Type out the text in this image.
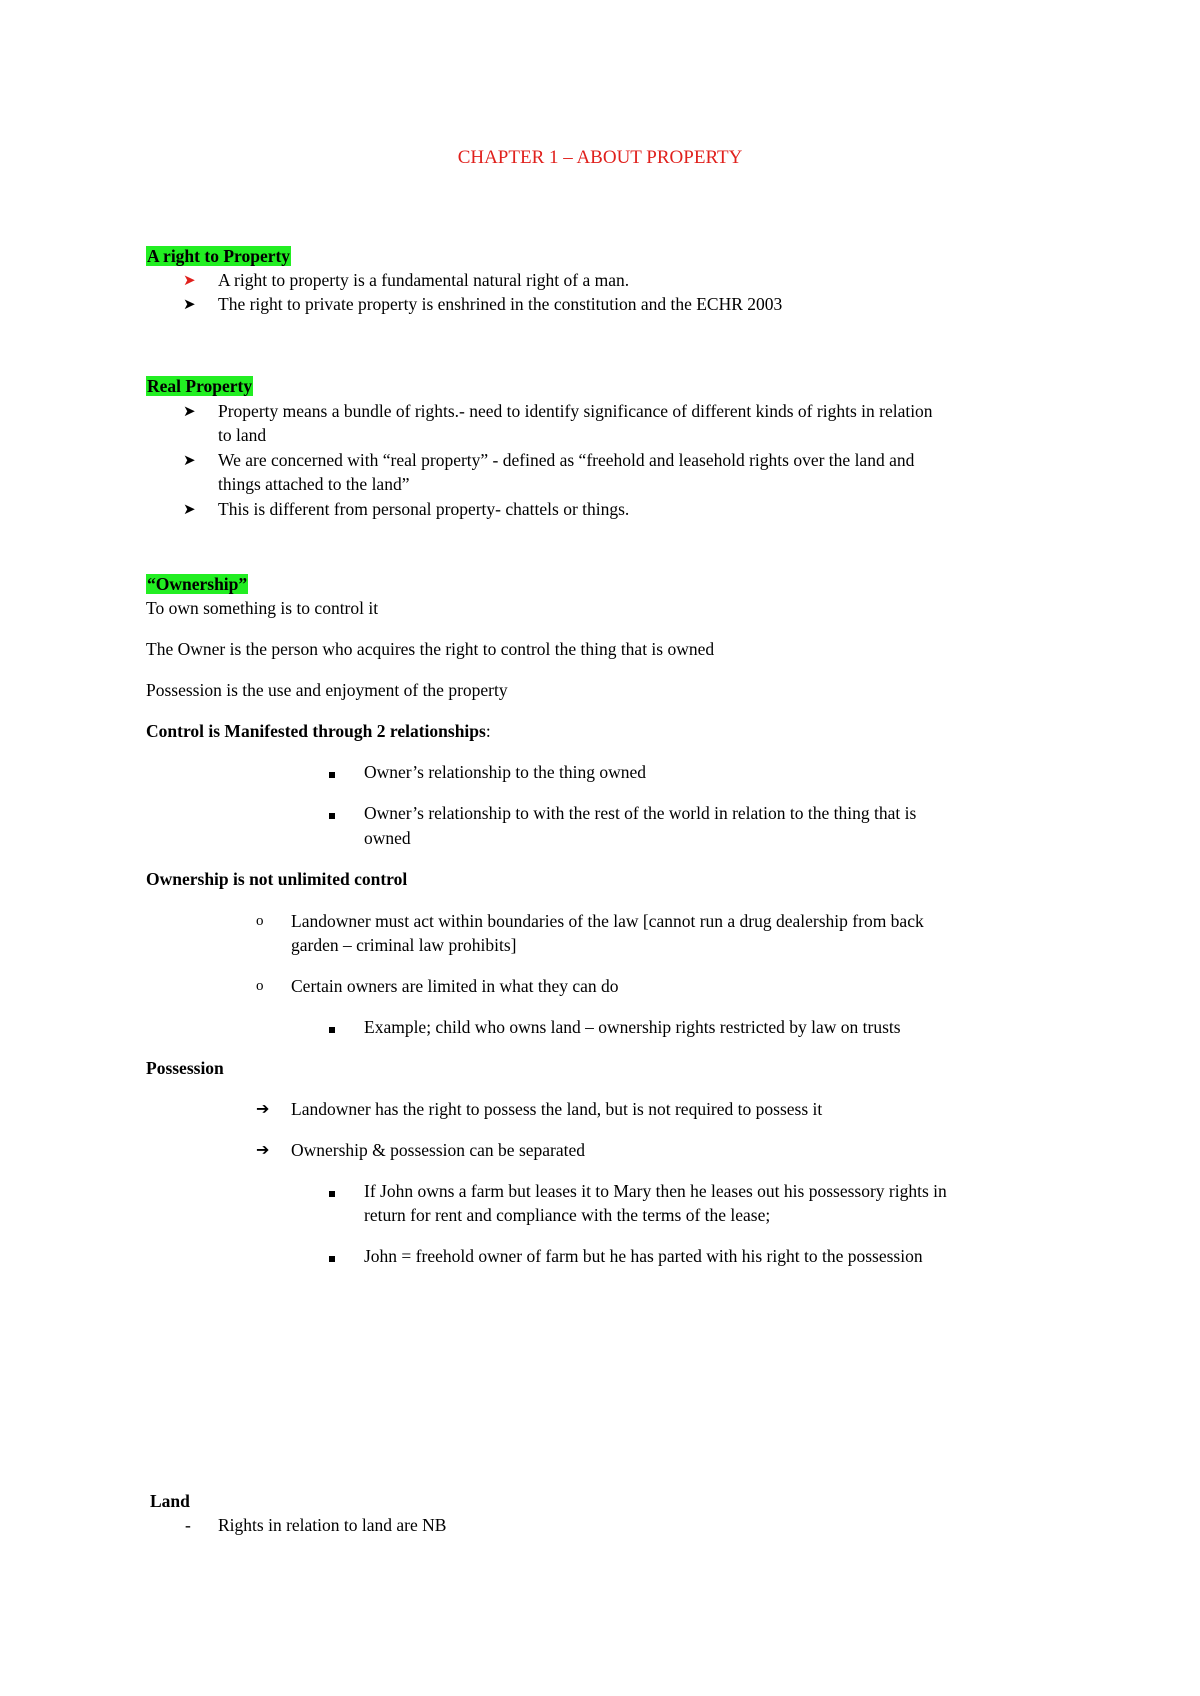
CHAPTER 1 – ABOUT PROPERTY
A right to Property
➤ A right to property is a fundamental natural right of a man.
➤ The right to private property is enshrined in the constitution and the ECHR 2003
Real Property
➤ Property means a bundle of rights.- need to identify significance of different kinds of rights in relation
to land
➤ We are concerned with “real property” - defined as “freehold and leasehold rights over the land and
things attached to the land”
➤ This is different from personal property- chattels or things.
“Ownership”
To own something is to control it
The Owner is the person who acquires the right to control the thing that is owned
Possession is the use and enjoyment of the property
Control is Manifested through 2 relationships:
Owner’s relationship to the thing owned
Owner’s relationship to with the rest of the world in relation to the thing that is
owned
Ownership is not unlimited control
o Landowner must act within boundaries of the law [cannot run a drug dealership from back
garden – criminal law prohibits]
o Certain owners are limited in what they can do
Example; child who owns land – ownership rights restricted by law on trusts
Possession
➔ Landowner has the right to possess the land, but is not required to possess it
➔ Ownership & possession can be separated
If John owns a farm but leases it to Mary then he leases out his possessory rights in
return for rent and compliance with the terms of the lease;
John = freehold owner of farm but he has parted with his right to the possession
Land
- Rights in relation to land are NB
